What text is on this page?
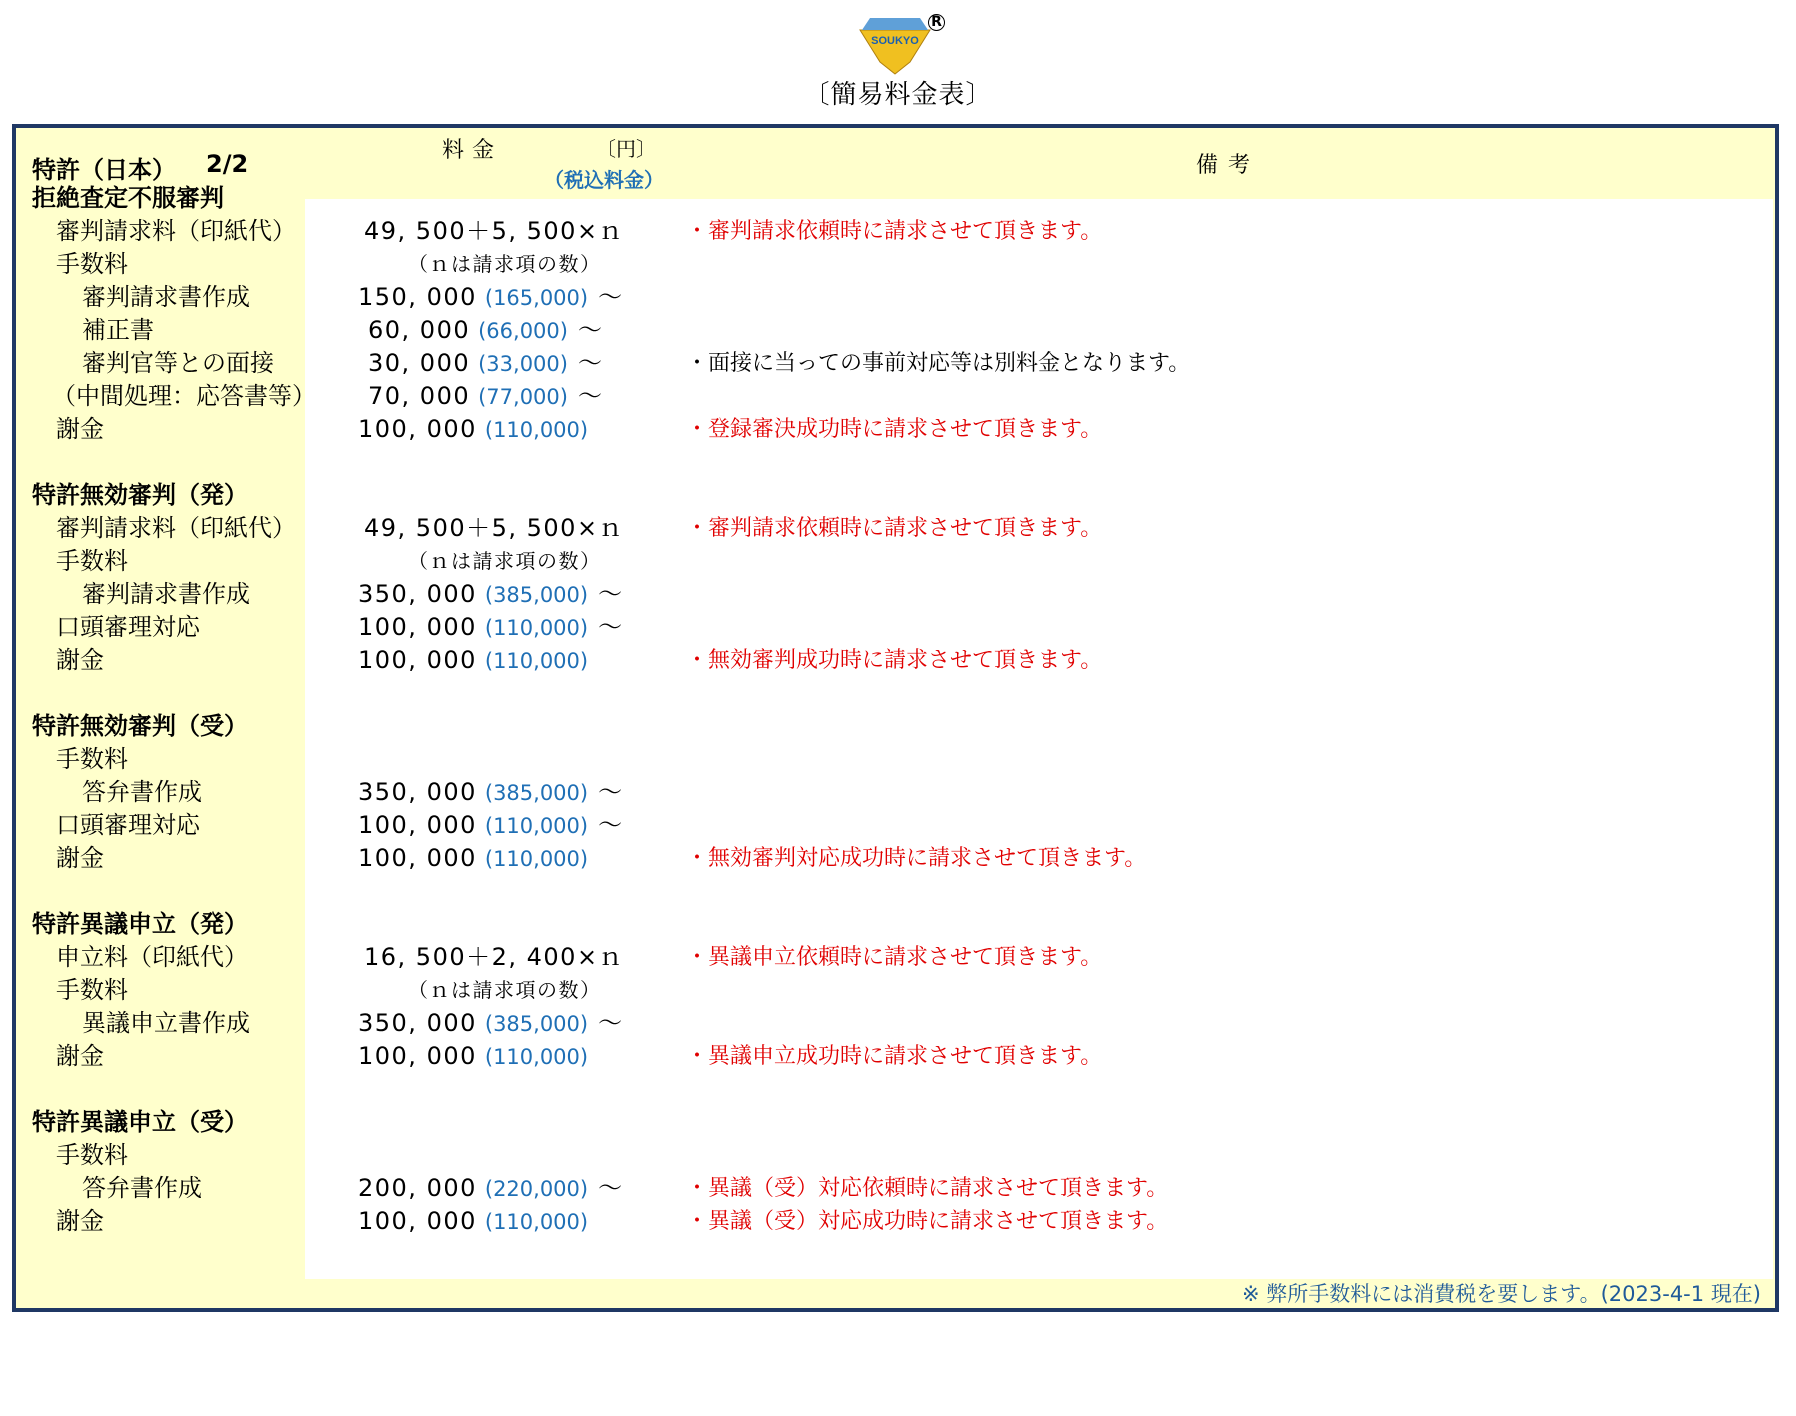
SOUKYO
R
〔簡易料金表〕
特許（日本） 2/2	料金	〔円〕
（税込料金）
備考
拒絶査定不服審判
審判請求料（印紙代）	49, 500＋5, 500×ｎ	・審判請求依頼時に請求させて頂きます。
手数料	（ｎは請求項の数）
審判請求書作成	150, 000 (165,000) ～
補正書	60, 000 (66,000) ～
審判官等との面接	30, 000 (33,000) ～	・面接に当っての事前対応等は別料金となります。
（中間処理：応答書等） 70, 000 (77,000) ～
謝金	100, 000 (110,000)	・登録審決成功時に請求させて頂きます。
特許無効審判（発）
審判請求料（印紙代）	49, 500＋5, 500×ｎ	・審判請求依頼時に請求させて頂きます。
手数料	（ｎは請求項の数）
審判請求書作成	350, 000 (385,000) ～
口頭審理対応	100, 000 (110,000) ～
謝金	100, 000 (110,000)	・無効審判成功時に請求させて頂きます。
特許無効審判（受）
手数料
答弁書作成	350, 000 (385,000) ～
口頭審理対応	100, 000 (110,000) ～
謝金	100, 000 (110,000)	・無効審判対応成功時に請求させて頂きます。
特許異議申立（発）
申立料（印紙代）	16, 500＋2, 400×ｎ	・異議申立依頼時に請求させて頂きます。
手数料	（ｎは請求項の数）
異議申立書作成	350, 000 (385,000) ～
謝金	100, 000 (110,000)	・異議申立成功時に請求させて頂きます。
特許異議申立（受）
手数料
答弁書作成	200, 000 (220,000) ～	・異議（受）対応依頼時に請求させて頂きます。
謝金	100, 000 (110,000)	・異議（受）対応成功時に請求させて頂きます。
※ 弊所手数料には消費税を要します。(2023-4-1 現在)
